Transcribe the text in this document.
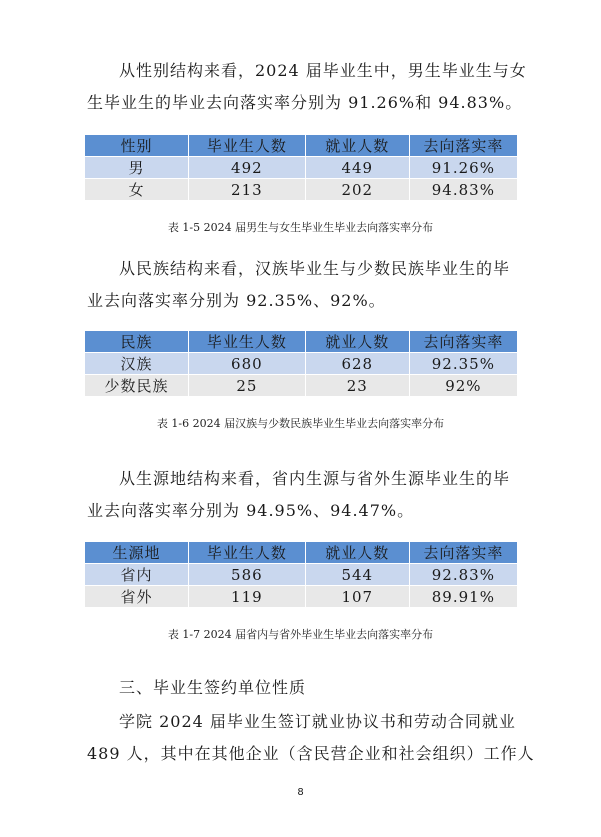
从性别结构来看，2024 届毕业生中，男生毕业生与女
生毕业生的毕业去向落实率分别为 91.26%和 94.83%。

性别	毕业生人数	就业人数	去向落实率
男	492	449	91.26%
女	213	202	94.83%

表 1-5 2024 届男生与女生毕业生毕业去向落实率分布

从民族结构来看，汉族毕业生与少数民族毕业生的毕
业去向落实率分别为 92.35%、92%。

民族	毕业生人数	就业人数	去向落实率
汉族	680	628	92.35%
少数民族	25	23	92%

表 1-6 2024 届汉族与少数民族毕业生毕业去向落实率分布

从生源地结构来看，省内生源与省外生源毕业生的毕
业去向落实率分别为 94.95%、94.47%。

生源地	毕业生人数	就业人数	去向落实率
省内	586	544	92.83%
省外	119	107	89.91%

表 1-7 2024 届省内与省外毕业生毕业去向落实率分布

三、毕业生签约单位性质

学院 2024 届毕业生签订就业协议书和劳动合同就业
489 人，其中在其他企业（含民营企业和社会组织）工作人

8
